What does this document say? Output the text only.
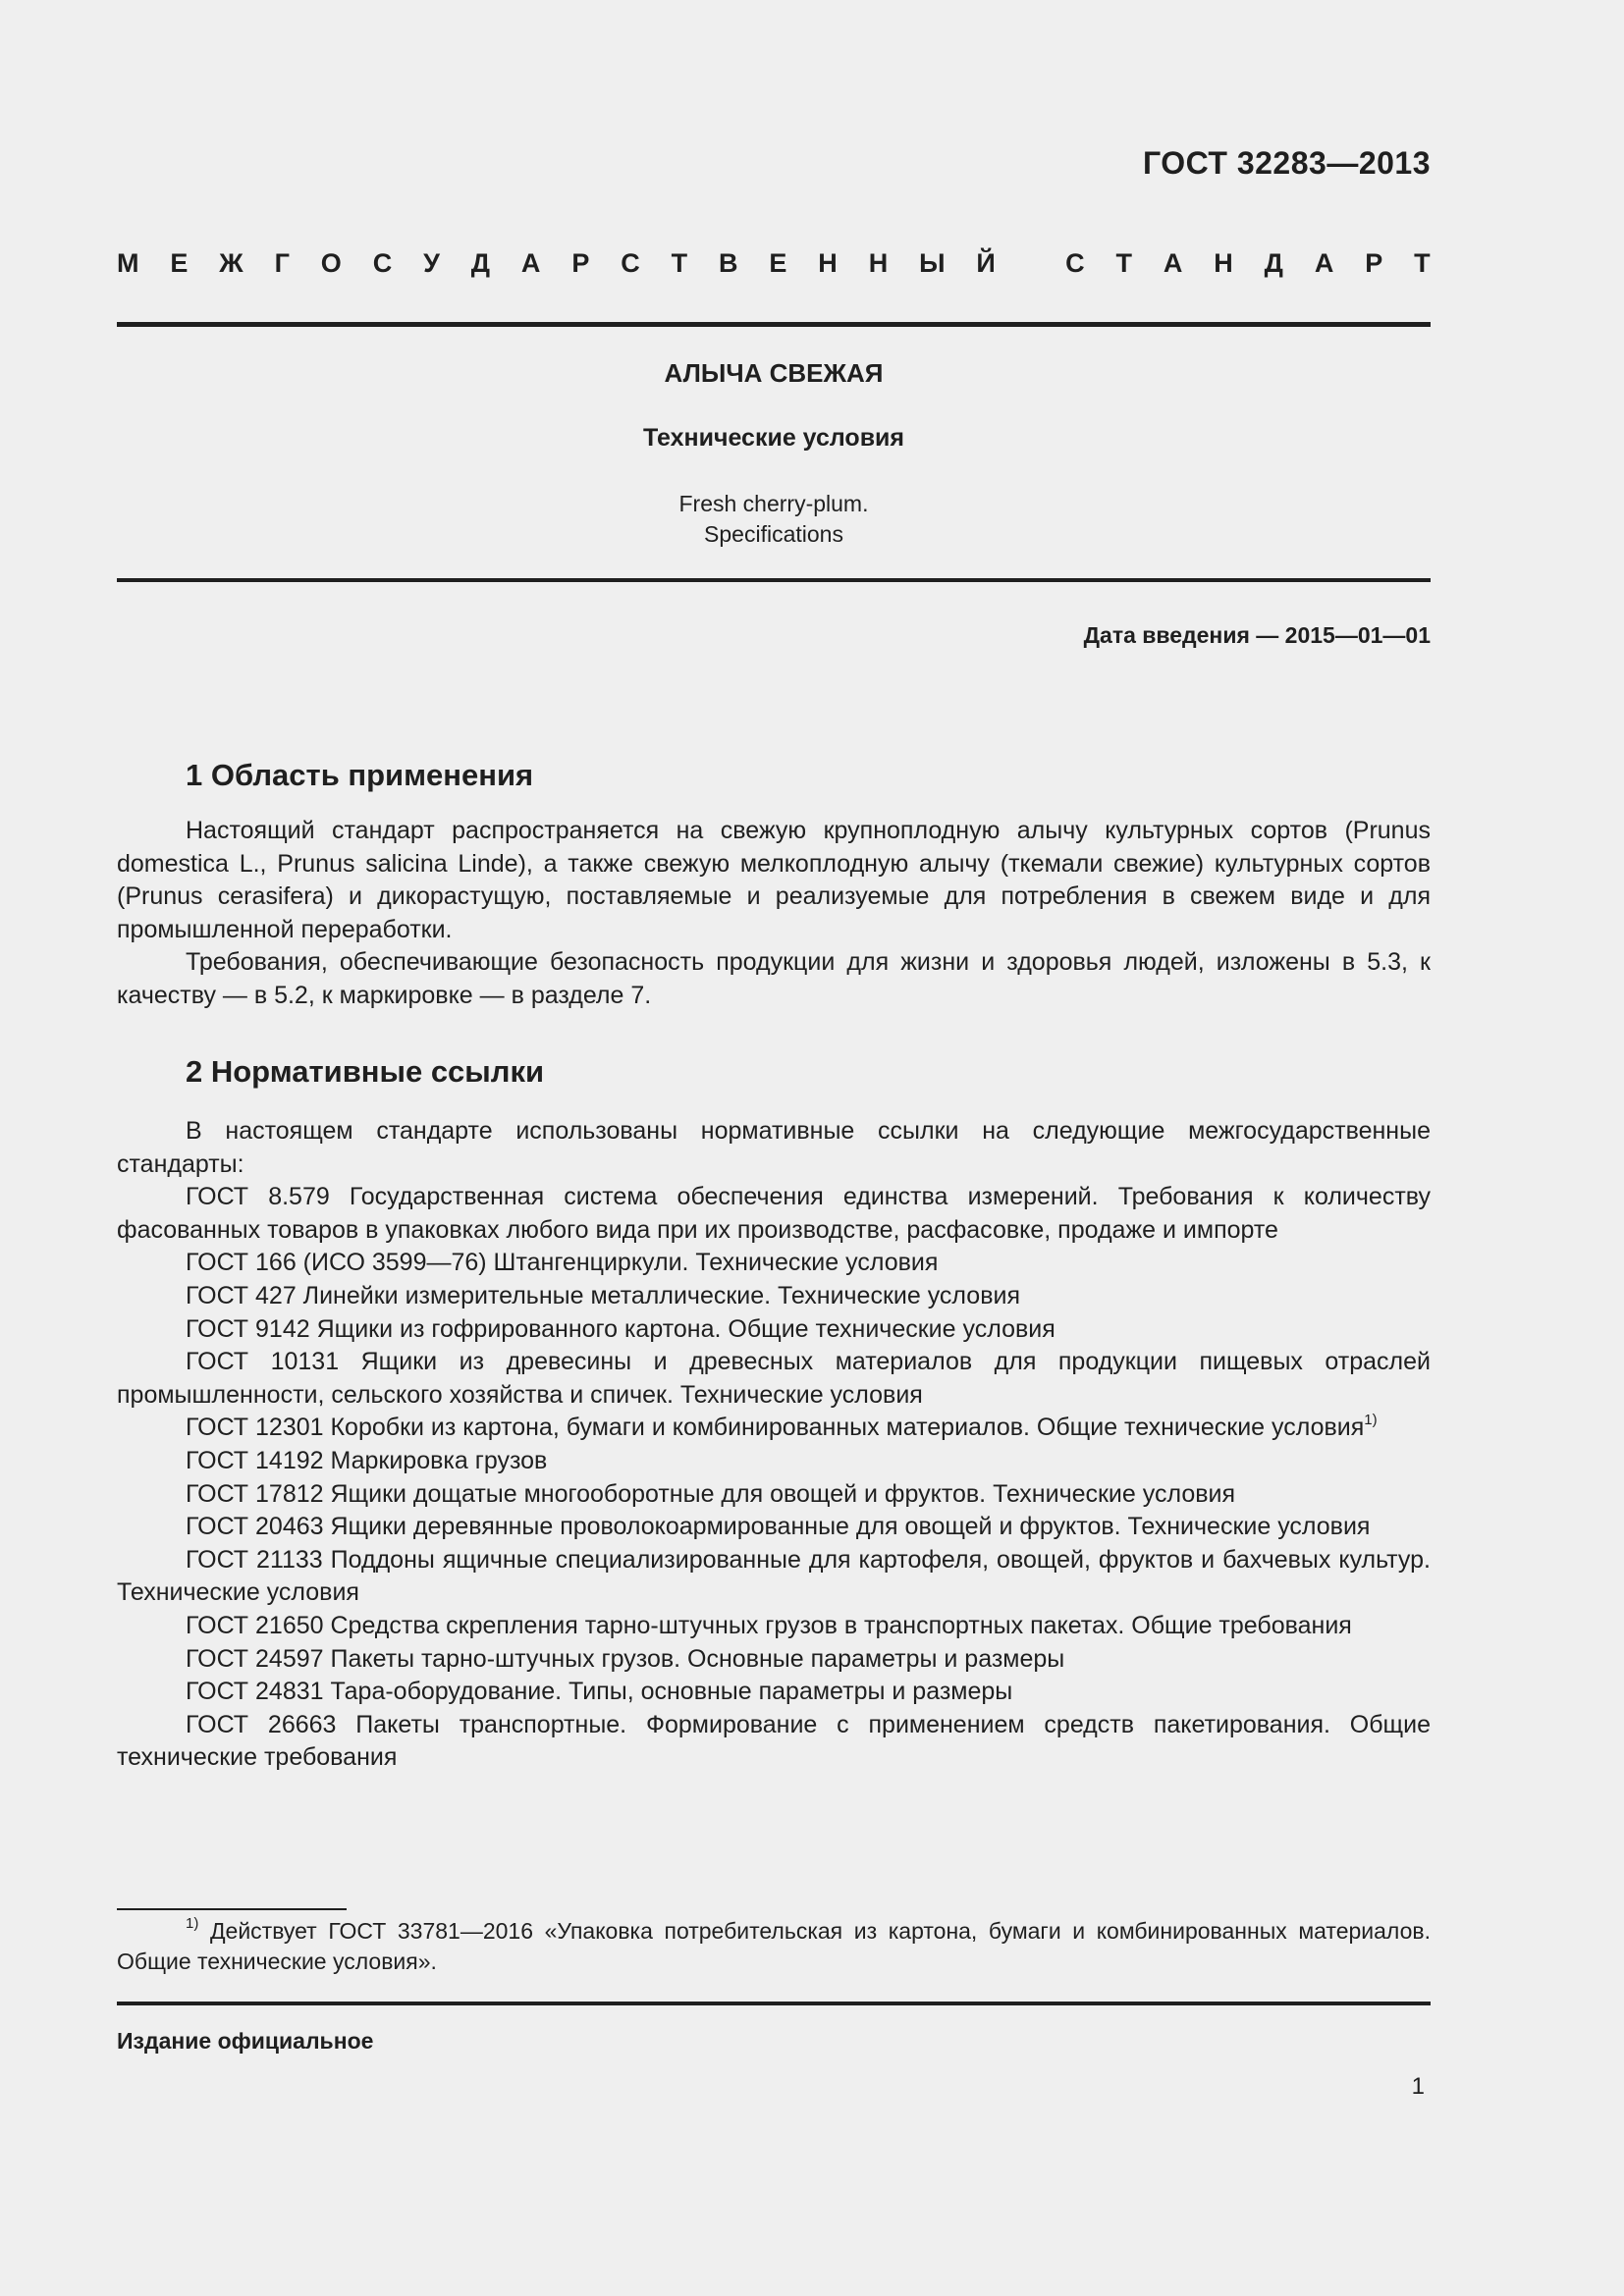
ГОСТ 32283—2013
М Е Ж Г О С У Д А Р С Т В Е Н Н Ы Й
	С Т А Н Д А Р Т
АЛЫЧА СВЕЖАЯ
Технические условия
Fresh cherry-plum.
Specifications
Дата введения — 2015—01—01
1 Область применения

Настоящий стандарт распространяется на свежую крупноплодную алычу культурных сортов (Prunus domestica L., Prunus salicina Linde), а также свежую мелкоплодную алычу (ткемали свежие) культурных сортов (Prunus cerasifera) и дикорастущую, поставляемые и реализуемые для потребления в свежем виде и для промышленной переработки.

Требования, обеспечивающие безопасность продукции для жизни и здоровья людей, изложены в 5.3, к качеству — в 5.2, к маркировке — в разделе 7.

2 Нормативные ссылки

В настоящем стандарте использованы нормативные ссылки на следующие межгосударственные стандарты:

ГОСТ 8.579 Государственная система обеспечения единства измерений. Требования к количеству фасованных товаров в упаковках любого вида при их производстве, расфасовке, продаже и импорте

ГОСТ 166 (ИСО 3599—76) Штангенциркули. Технические условия

ГОСТ 427 Линейки измерительные металлические. Технические условия

ГОСТ 9142 Ящики из гофрированного картона. Общие технические условия

ГОСТ 10131 Ящики из древесины и древесных материалов для продукции пищевых отраслей промышленности, сельского хозяйства и спичек. Технические условия

ГОСТ 12301 Коробки из картона, бумаги и комбинированных материалов. Общие технические условия$^{1)}$

ГОСТ 14192 Маркировка грузов

ГОСТ 17812 Ящики дощатые многооборотные для овощей и фруктов. Технические условия

ГОСТ 20463 Ящики деревянные проволокоармированные для овощей и фруктов. Технические условия

ГОСТ 21133 Поддоны ящичные специализированные для картофеля, овощей, фруктов и бахчевых культур. Технические условия

ГОСТ 21650 Средства скрепления тарно-штучных грузов в транспортных пакетах. Общие требования

ГОСТ 24597 Пакеты тарно-штучных грузов. Основные параметры и размеры

ГОСТ 24831 Тара-оборудование. Типы, основные параметры и размеры

ГОСТ 26663 Пакеты транспортные. Формирование с применением средств пакетирования. Общие технические требования

$^{1)}$ Действует ГОСТ 33781—2016 «Упаковка потребительская из картона, бумаги и комбинированных материалов. Общие технические условия».
Издание официальное
1
